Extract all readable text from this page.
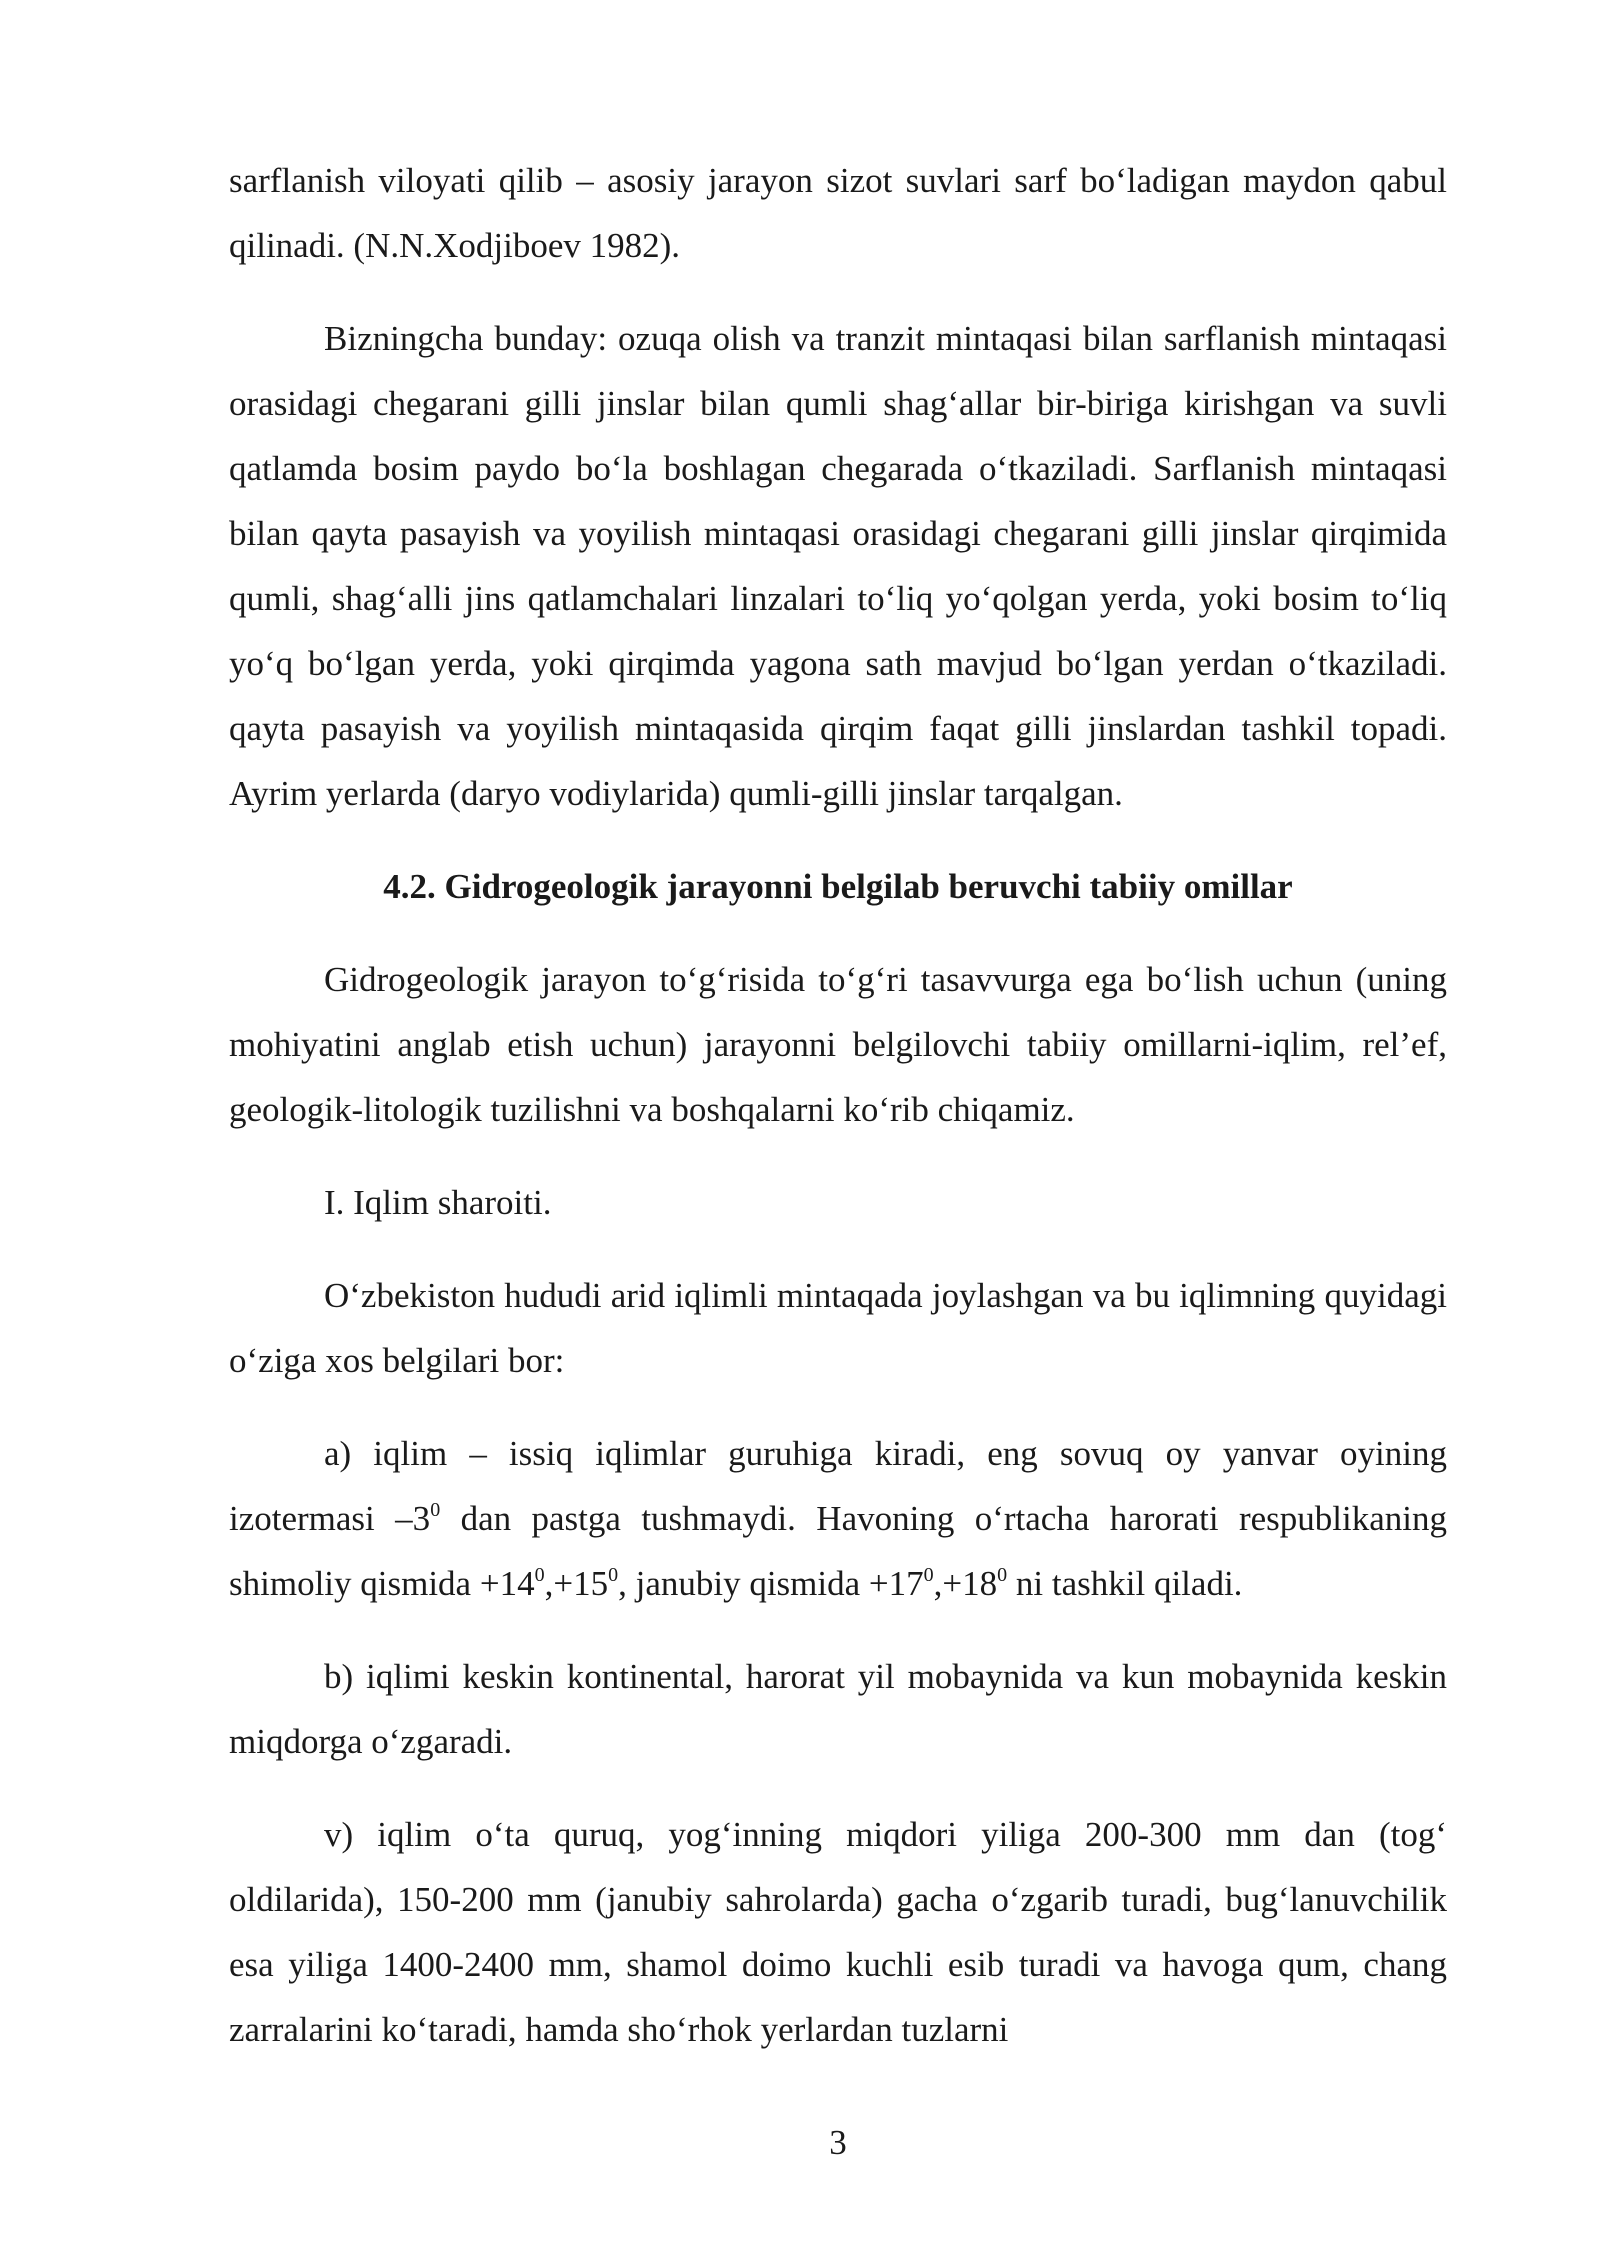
sarflanish viloyati qilib – asosiy jarayon sizot suvlari sarf bo‘ladigan maydon qabul qilinadi. (N.N.Xodjiboev 1982).

Bizningcha bunday: ozuqa olish va tranzit mintaqasi bilan sarflanish mintaqasi orasidagi chegarani gilli jinslar bilan qumli shag‘allar bir-biriga kirishgan va suvli qatlamda bosim paydo bo‘la boshlagan chegarada o‘tkaziladi. Sarflanish mintaqasi bilan qayta pasayish va yoyilish mintaqasi orasidagi chegarani gilli jinslar qirqimida qumli, shag‘alli jins qatlamchalari linzalari to‘liq yo‘qolgan yerda, yoki bosim to‘liq yo‘q bo‘lgan yerda, yoki qirqimda yagona sath mavjud bo‘lgan yerdan o‘tkaziladi. qayta pasayish va yoyilish mintaqasida qirqim faqat gilli jinslardan tashkil topadi. Ayrim yerlarda (daryo vodiylarida) qumli-gilli jinslar tarqalgan.

4.2. Gidrogeologik jarayonni belgilab beruvchi tabiiy omillar

Gidrogeologik jarayon to‘g‘risida to‘g‘ri tasavvurga ega bo‘lish uchun (uning mohiyatini anglab etish uchun) jarayonni belgilovchi tabiiy omillarni-iqlim, rel’ef, geologik-litologik tuzilishni va boshqalarni ko‘rib chiqamiz.

I. Iqlim sharoiti.

O‘zbekiston hududi arid iqlimli mintaqada joylashgan va bu iqlimning quyidagi o‘ziga xos belgilari bor:

a) iqlim – issiq iqlimlar guruhiga kiradi, eng sovuq oy yanvar oyining izotermasi $-3^0$ dan pastga tushmaydi. Havoning o‘rtacha harorati respublikaning shimoliy qismida $+14^0,+15^0$, janubiy qismida $+17^0,+18^0$ ni tashkil qiladi.

b) iqlimi keskin kontinental, harorat yil mobaynida va kun mobaynida keskin miqdorga o‘zgaradi.

v) iqlim o‘ta quruq, yog‘inning miqdori yiliga 200-300 mm dan (tog‘ oldilarida), 150-200 mm (janubiy sahrolarda) gacha o‘zgarib turadi, bug‘lanuvchilik esa yiliga 1400-2400 mm, shamol doimo kuchli esib turadi va havoga qum, chang zarralarini ko‘taradi, hamda sho‘rhok yerlardan tuzlarni

3
